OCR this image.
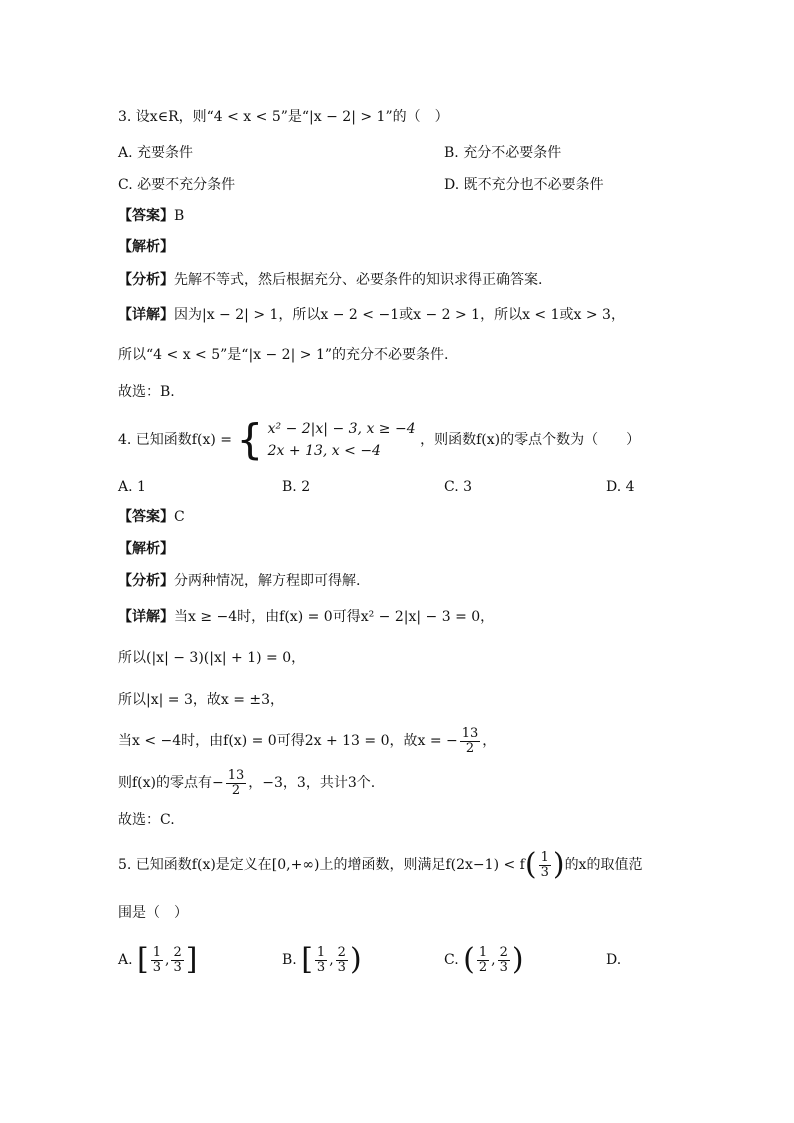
3. 设x∈R，则“4 < x < 5”是“|x − 2| > 1”的（　）
A. 充要条件	B. 充分不必要条件
C. 必要不充分条件	D. 既不充分也不必要条件
【答案】B
【解析】
【分析】先解不等式，然后根据充分、必要条件的知识求得正确答案.
【详解】因为|x − 2| > 1，所以x − 2 < −1或x − 2 > 1，所以x < 1或x > 3，
所以“4 < x < 5”是“|x − 2| > 1”的充分不必要条件.
故选：B.
4. 已知函数f(x) = { x² − 2|x| − 3, x ≥ −4
2x + 13, x < −4
，则函数f(x)的零点个数为（　　）
A. 1	B. 2	C. 3	D. 4
【答案】C
【解析】
【分析】分两种情况，解方程即可得解.
【详解】当x ≥ −4时，由f(x) = 0可得x² − 2|x| − 3 = 0，
所以(|x| − 3)(|x| + 1) = 0，
所以|x| = 3，故x = ±3，
当x < −4时，由f(x) = 0可得2x + 13 = 0，故x = − $\frac{13}{2}$ ，
则f(x)的零点有− $\frac{13}{2}$ ，−3，3，共计3个.
故选：C.
5. 已知函数f(x)是定义在[0,+∞)上的增函数，则满足$f(2x-1) < f( \frac{1}{3}$ )的x的取值范
围是（　）
A. [ $\frac{1}{3}$ , $\frac{2}{3}$ ]	B. [ $\frac{1}{3}$ , $\frac{2}{3}$ )	C. ( $\frac{1}{2}$ , $\frac{2}{3}$ )	D.
